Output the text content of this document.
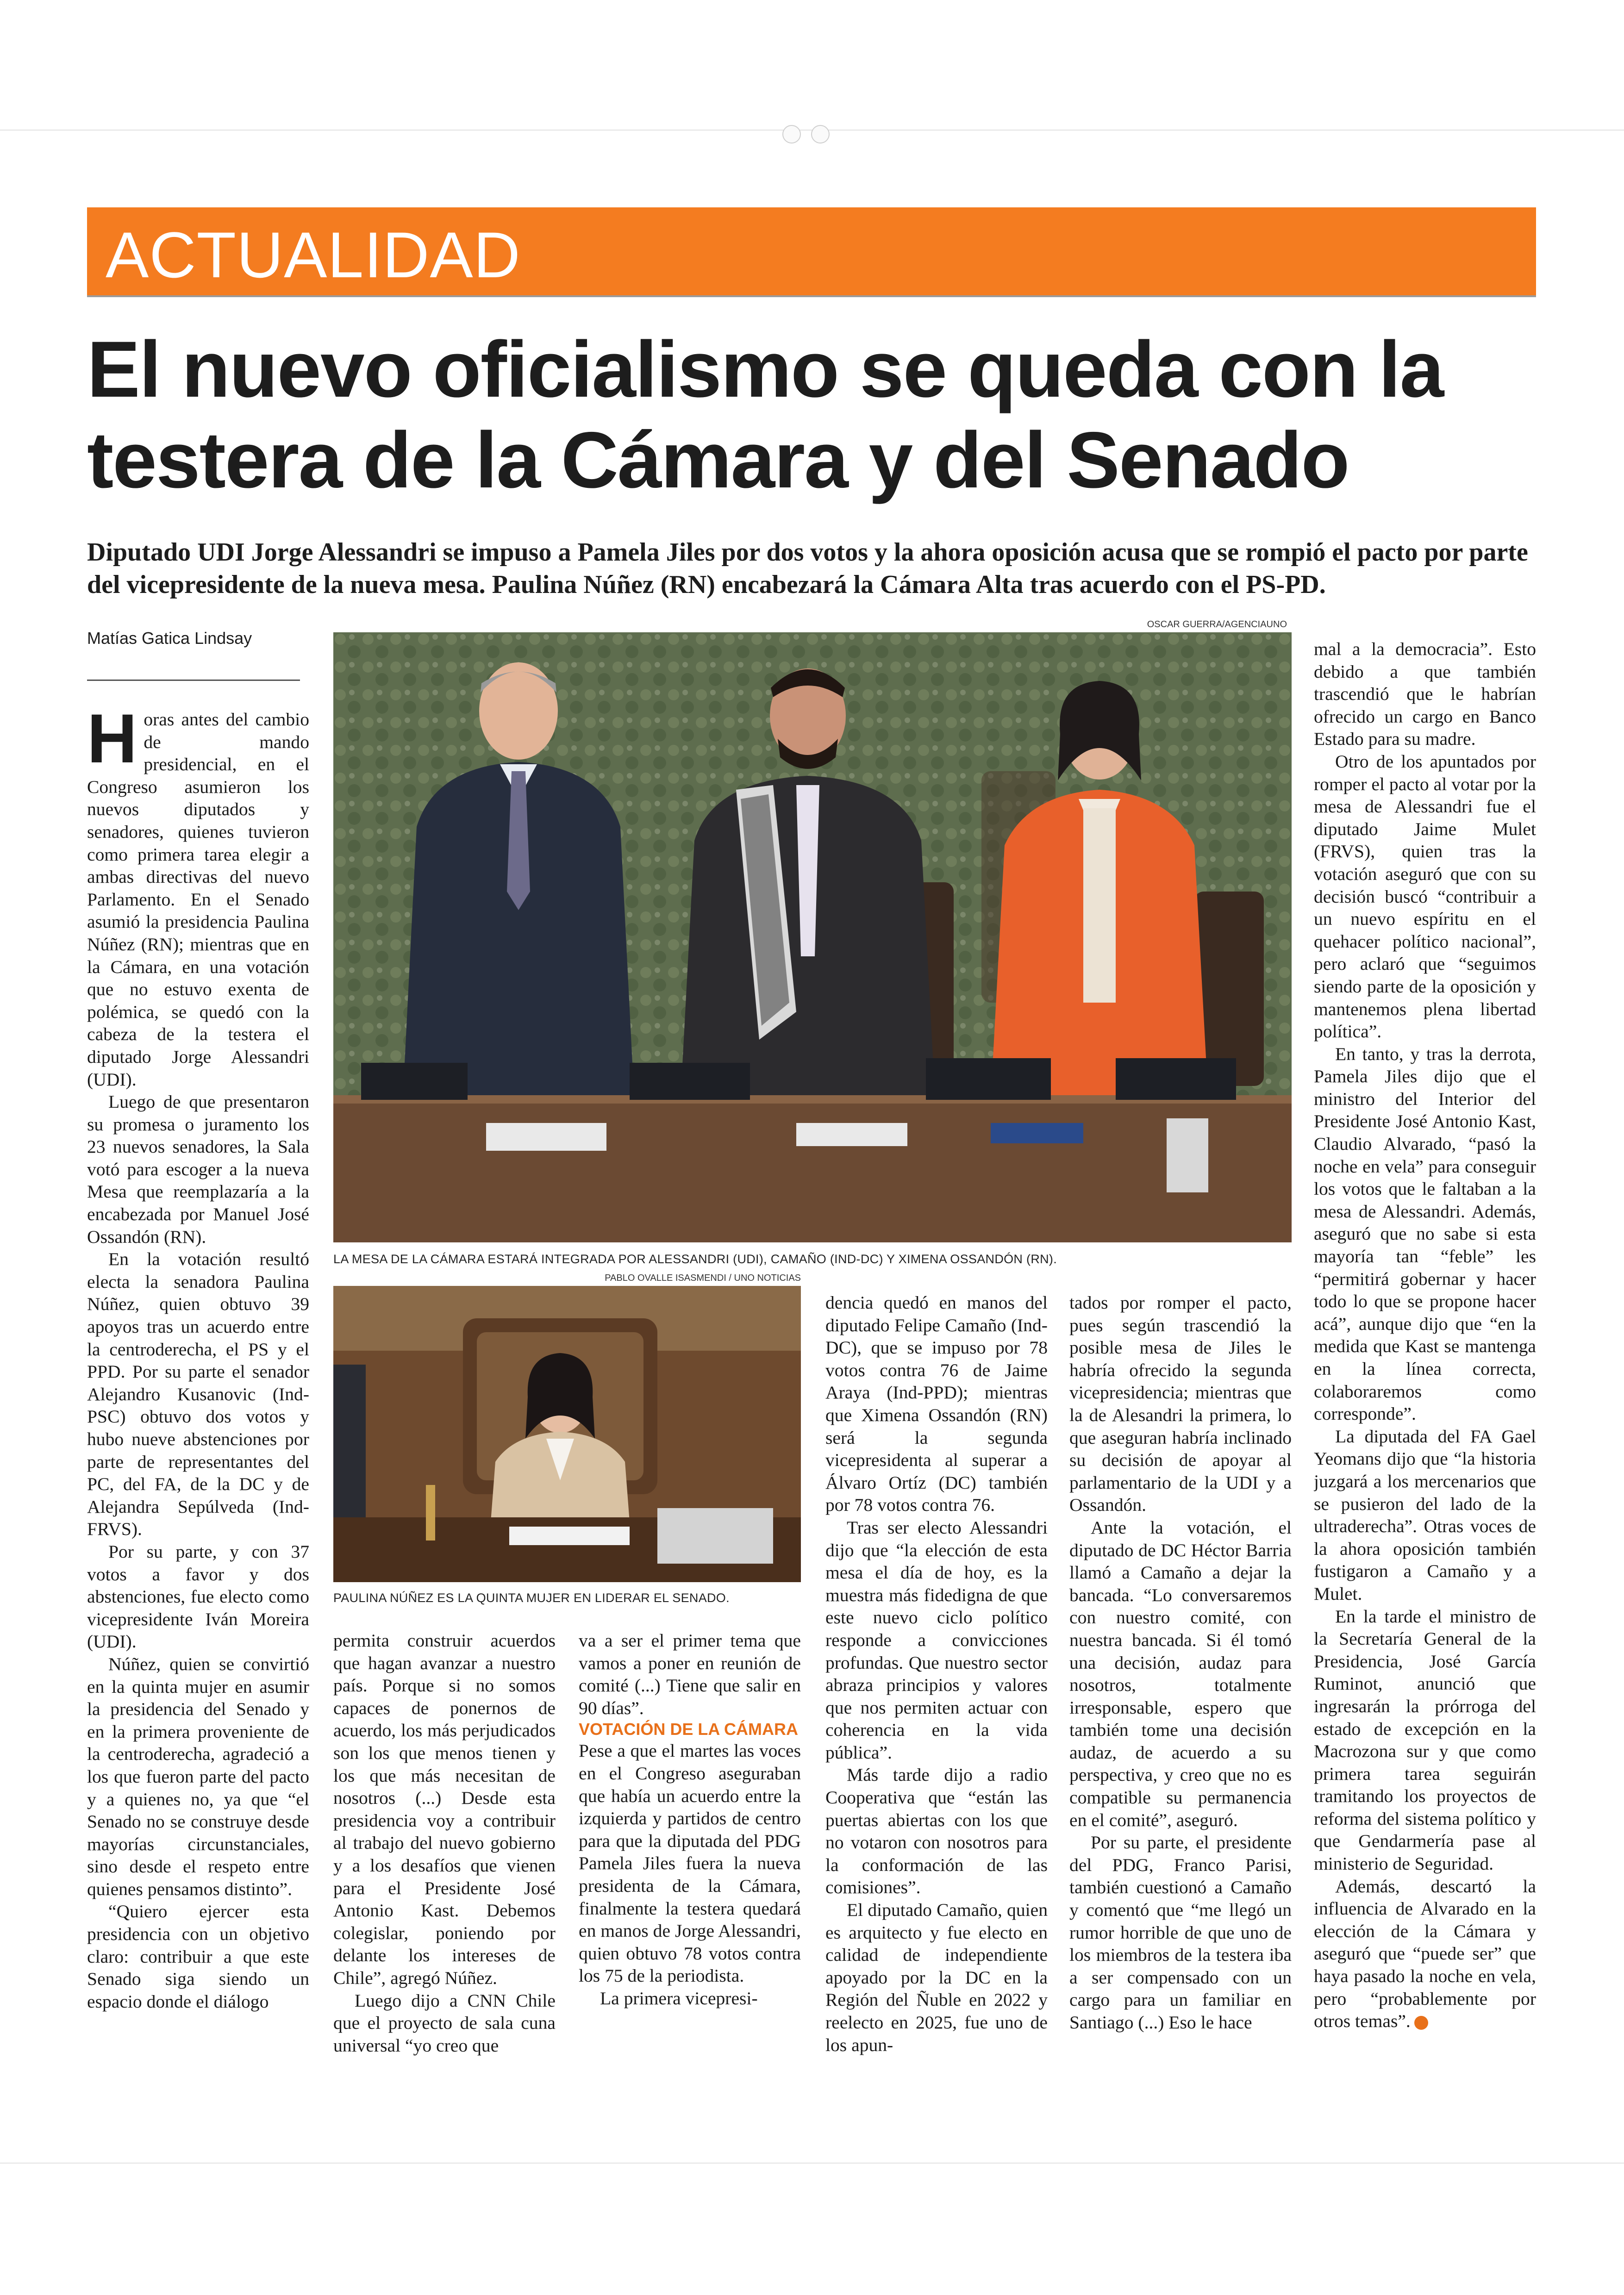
ACTUALIDAD
El nuevo oficialismo se queda con la testera de la Cámara y del Senado

Diputado UDI Jorge Alessandri se impuso a Pamela Jiles por dos votos y la ahora oposición acusa que se rompió el pacto por parte del vicepresidente de la nueva mesa. Paulina Núñez (RN) encabezará la Cámara Alta tras acuerdo con el PS-PD.

Matías Gatica Lindsay
OSCAR GUERRA/AGENCIAUNO
LA MESA DE LA CÁMARA ESTARÁ INTEGRADA POR ALESSANDRI (UDI), CAMAÑO (IND-DC) Y XIMENA OSSANDÓN (RN).
PABLO OVALLE ISASMENDI / UNO NOTICIAS
PAULINA NÚÑEZ ES LA QUINTA MUJER EN LIDERAR EL SENADO.

Horas antes del cambio de mando presidencial, en el Congreso asumieron los nuevos diputados y senadores, quienes tuvieron como primera tarea elegir a ambas directivas del nuevo Parlamento. En el Senado asumió la presidencia Paulina Núñez (RN); mientras que en la Cámara, en una votación que no estuvo exenta de polémica, se quedó con la cabeza de la testera el diputado Jorge Alessandri (UDI).

Luego de que presentaron su promesa o juramento los 23 nuevos senadores, la Sala votó para escoger a la nueva Mesa que reemplazaría a la encabezada por Manuel José Ossandón (RN).

En la votación resultó electa la senadora Paulina Núñez, quien obtuvo 39 apoyos tras un acuerdo entre la centroderecha, el PS y el PPD. Por su parte el senador Alejandro Kusanovic (Ind-PSC) obtuvo dos votos y hubo nueve abstenciones por parte de representantes del PC, del FA, de la DC y de Alejandra Sepúlveda (Ind-FRVS).

Por su parte, y con 37 votos a favor y dos abstenciones, fue electo como vicepresidente Iván Moreira (UDI).

Núñez, quien se convirtió en la quinta mujer en asumir la presidencia del Senado y en la primera proveniente de la centroderecha, agradeció a los que fueron parte del pacto y a quienes no, ya que “el Senado no se construye desde mayorías circunstanciales, sino desde el respeto entre quienes pensamos distinto”.

“Quiero ejercer esta presidencia con un objetivo claro: contribuir a que este Senado siga siendo un espacio donde el diálogo

permita construir acuerdos que hagan avanzar a nuestro país. Porque si no somos capaces de ponernos de acuerdo, los más perjudicados son los que menos tienen y los que más necesitan de nosotros (...) Desde esta presidencia voy a contribuir al trabajo del nuevo gobierno y a los desafíos que vienen para el Presidente José Antonio Kast. Debemos colegislar, poniendo por delante los intereses de Chile”, agregó Núñez.

Luego dijo a CNN Chile que el proyecto de sala cuna universal “yo creo que

va a ser el primer tema que vamos a poner en reunión de comité (...) Tiene que salir en 90 días”.

VOTACIÓN DE LA CÁMARA

Pese a que el martes las voces en el Congreso aseguraban que había un acuerdo entre la izquierda y partidos de centro para que la diputada del PDG Pamela Jiles fuera la nueva presidenta de la Cámara, finalmente la testera quedará en manos de Jorge Alessandri, quien obtuvo 78 votos contra los 75 de la periodista.

La primera vicepresi-

dencia quedó en manos del diputado Felipe Camaño (Ind-DC), que se impuso por 78 votos contra 76 de Jaime Araya (Ind-PPD); mientras que Ximena Ossandón (RN) será la segunda vicepresidenta al superar a Álvaro Ortíz (DC) también por 78 votos contra 76.

Tras ser electo Alessandri dijo que “la elección de esta mesa el día de hoy, es la muestra más fidedigna de que este nuevo ciclo político responde a convicciones profundas. Que nuestro sector abraza principios y valores que nos permiten actuar con coherencia en la vida pública”.

Más tarde dijo a radio Cooperativa que “están las puertas abiertas con los que no votaron con nosotros para la conformación de las comisiones”.

El diputado Camaño, quien es arquitecto y fue electo en calidad de independiente apoyado por la DC en la Región del Ñuble en 2022 y reelecto en 2025, fue uno de los apun-

tados por romper el pacto, pues según trascendió la posible mesa de Jiles le habría ofrecido la segunda vicepresidencia; mientras que la de Alesandri la primera, lo que aseguran habría inclinado su decisión de apoyar al parlamentario de la UDI y a Ossandón.

Ante la votación, el diputado de DC Héctor Barria llamó a Camaño a dejar la bancada. “Lo conversaremos con nuestro comité, con nuestra bancada. Si él tomó una decisión, audaz para nosotros, totalmente irresponsable, espero que también tome una decisión audaz, de acuerdo a su perspectiva, y creo que no es compatible su permanencia en el comité”, aseguró.

Por su parte, el presidente del PDG, Franco Parisi, también cuestionó a Camaño y comentó que “me llegó un rumor horrible de que uno de los miembros de la testera iba a ser compensado con un cargo para un familiar en Santiago (...) Eso le hace

mal a la democracia”. Esto debido a que también trascendió que le habrían ofrecido un cargo en Banco Estado para su madre.

Otro de los apuntados por romper el pacto al votar por la mesa de Alessandri fue el diputado Jaime Mulet (FRVS), quien tras la votación aseguró que con su decisión buscó “contribuir a un nuevo espíritu en el quehacer político nacional”, pero aclaró que “seguimos siendo parte de la oposición y mantenemos plena libertad política”.

En tanto, y tras la derrota, Pamela Jiles dijo que el ministro del Interior del Presidente José Antonio Kast, Claudio Alvarado, “pasó la noche en vela” para conseguir los votos que le faltaban a la mesa de Alessandri. Además, aseguró que no sabe si esta mayoría tan “feble” les “permitirá gobernar y hacer todo lo que se propone hacer acá”, aunque dijo que “en la medida que Kast se mantenga en la línea correcta, colaboraremos como corresponde”.

La diputada del FA Gael Yeomans dijo que “la historia juzgará a los mercenarios que se pusieron del lado de la ultraderecha”. Otras voces de la ahora oposición también fustigaron a Camaño y a Mulet.

En la tarde el ministro de la Secretaría General de la Presidencia, José García Ruminot, anunció que ingresarán la prórroga del estado de excepción en la Macrozona sur y que como primera tarea seguirán tramitando los proyectos de reforma del sistema político y que Gendarmería pase al ministerio de Seguridad.

Además, descartó la influencia de Alvarado en la elección de la Cámara y aseguró que “puede ser” que haya pasado la noche en vela, pero “probablemente por otros temas”.
